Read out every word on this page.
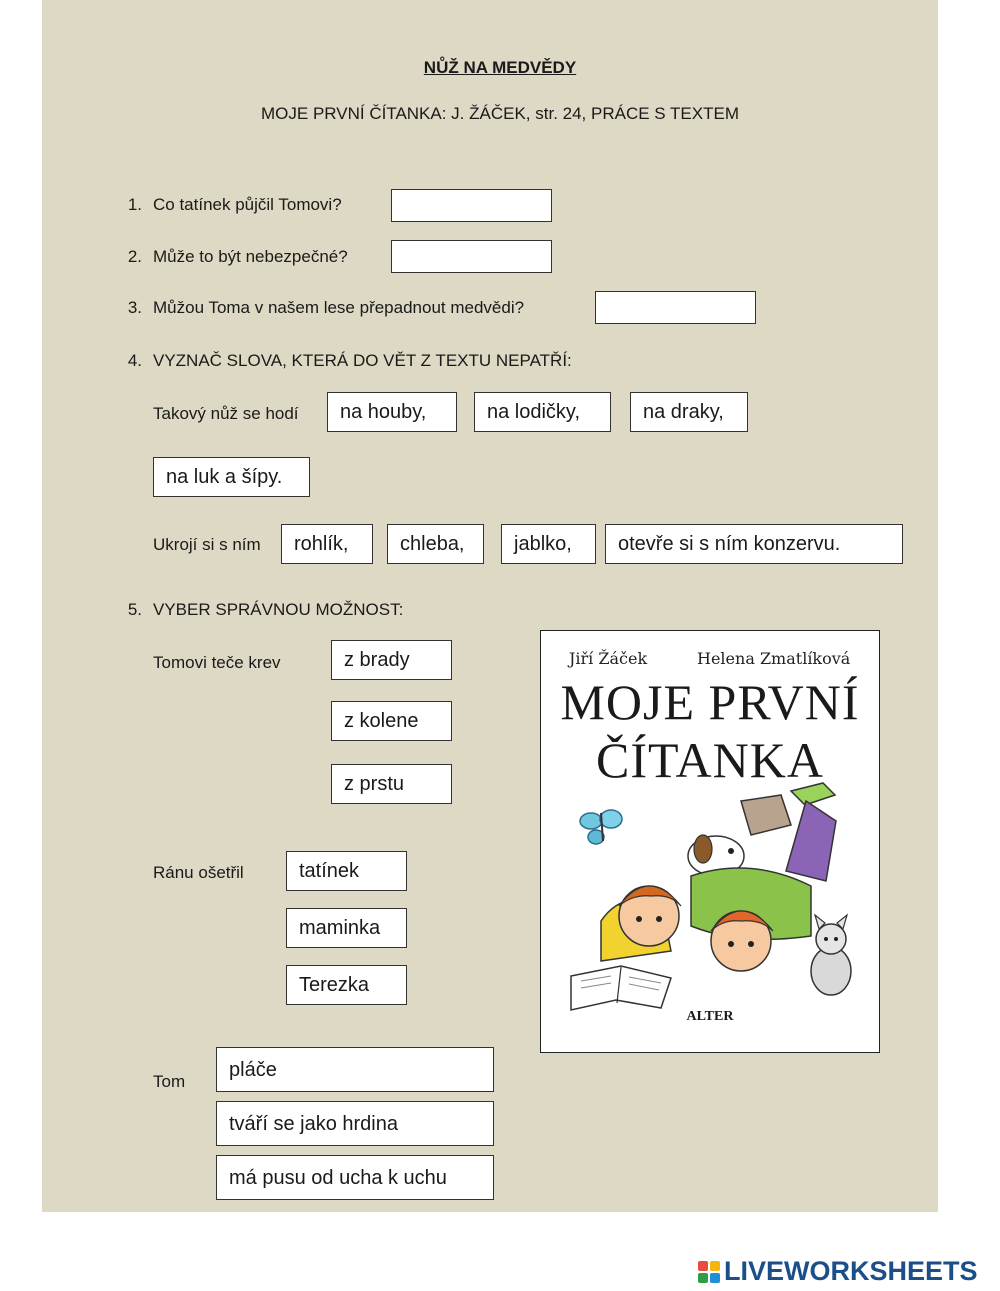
NŮŽ NA MEDVĚDY
MOJE PRVNÍ ČÍTANKA: J. ŽÁČEK, str. 24, PRÁCE S TEXTEM
1. Co tatínek půjčil Tomovi?
2. Může to být nebezpečné?
3. Můžou Toma v našem lese přepadnout medvědi?
4. VYZNAČ SLOVA, KTERÁ DO VĚT Z TEXTU NEPATŘÍ:
Takový nůž se hodí	na houby,	na lodičky,	na draky,
na luk a šípy.
Ukrojí si s ním	rohlík,	chleba,	jablko,	otevře si s ním konzervu.
5. VYBER SPRÁVNOU MOŽNOST:
Tomovi teče krev	z brady
z kolene
z prstu
Ránu ošetřil	tatínek
maminka
Terezka
Tom
pláče
tváří se jako hrdina
má pusu od ucha k uchu
Jiří Žáček	Helena Zmatlíková
MOJE PRVNÍ
ČÍTANKA
ALTER
LIVEWORKSHEETS
